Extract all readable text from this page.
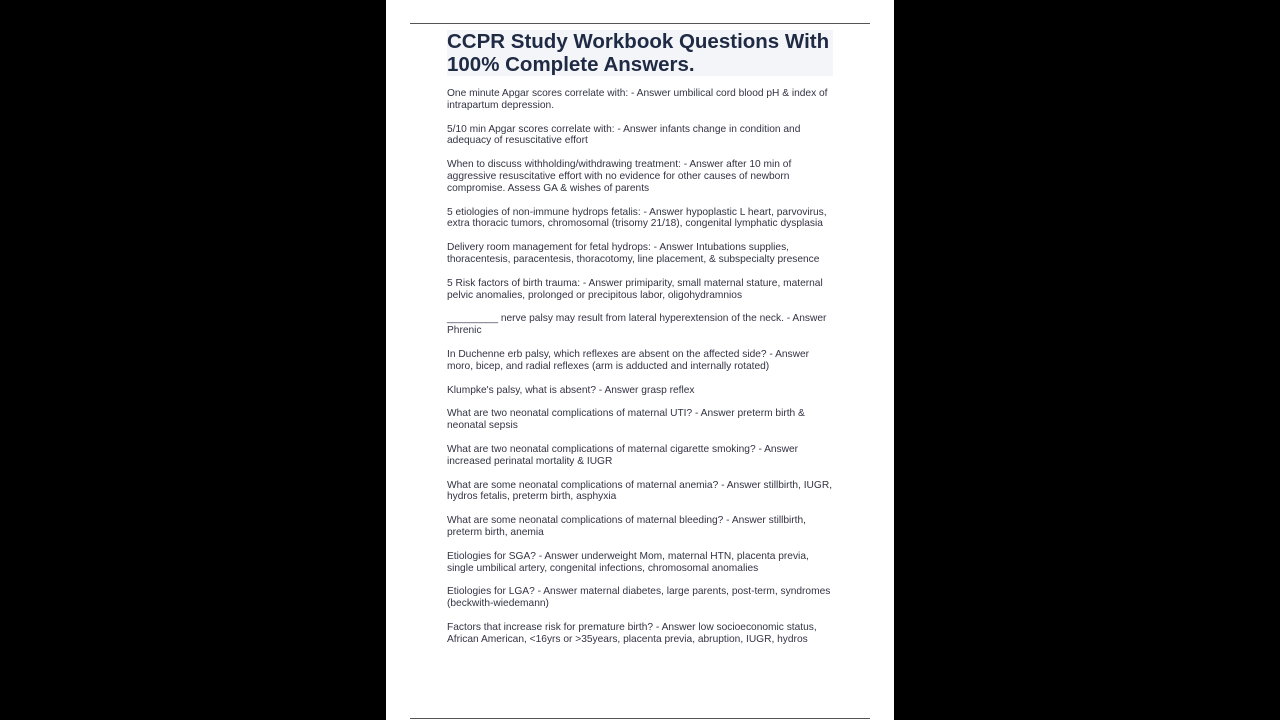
CCPR Study Workbook Questions With 100% Complete Answers.
One minute Apgar scores correlate with: - Answer umbilical cord blood pH & index of intrapartum depression.
5/10 min Apgar scores correlate with: - Answer infants change in condition and adequacy of resuscitative effort
When to discuss withholding/withdrawing treatment: - Answer after 10 min of aggressive resuscitative effort with no evidence for other causes of newborn compromise. Assess GA & wishes of parents
5 etiologies of non-immune hydrops fetalis: - Answer hypoplastic L heart, parvovirus, extra thoracic tumors, chromosomal (trisomy 21/18), congenital lymphatic dysplasia
Delivery room management for fetal hydrops: - Answer Intubations supplies, thoracentesis, paracentesis, thoracotomy, line placement, & subspecialty presence
5 Risk factors of birth trauma: - Answer primiparity, small maternal stature, maternal pelvic anomalies, prolonged or precipitous labor, oligohydramnios
_________ nerve palsy may result from lateral hyperextension of the neck. - Answer Phrenic
In Duchenne erb palsy, which reflexes are absent on the affected side? - Answer moro, bicep, and radial reflexes (arm is adducted and internally rotated)
Klumpke's palsy, what is absent? - Answer grasp reflex
What are two neonatal complications of maternal UTI? - Answer preterm birth & neonatal sepsis
What are two neonatal complications of maternal cigarette smoking? - Answer increased perinatal mortality & IUGR
What are some neonatal complications of maternal anemia? - Answer stillbirth, IUGR, hydros fetalis, preterm birth, asphyxia
What are some neonatal complications of maternal bleeding? - Answer stillbirth, preterm birth, anemia
Etiologies for SGA? - Answer underweight Mom, maternal HTN, placenta previa, single umbilical artery, congenital infections, chromosomal anomalies
Etiologies for LGA? - Answer maternal diabetes, large parents, post-term, syndromes (beckwith-wiedemann)
Factors that increase risk for premature birth? - Answer low socioeconomic status, African American, <16yrs or >35years, placenta previa, abruption, IUGR, hydros
